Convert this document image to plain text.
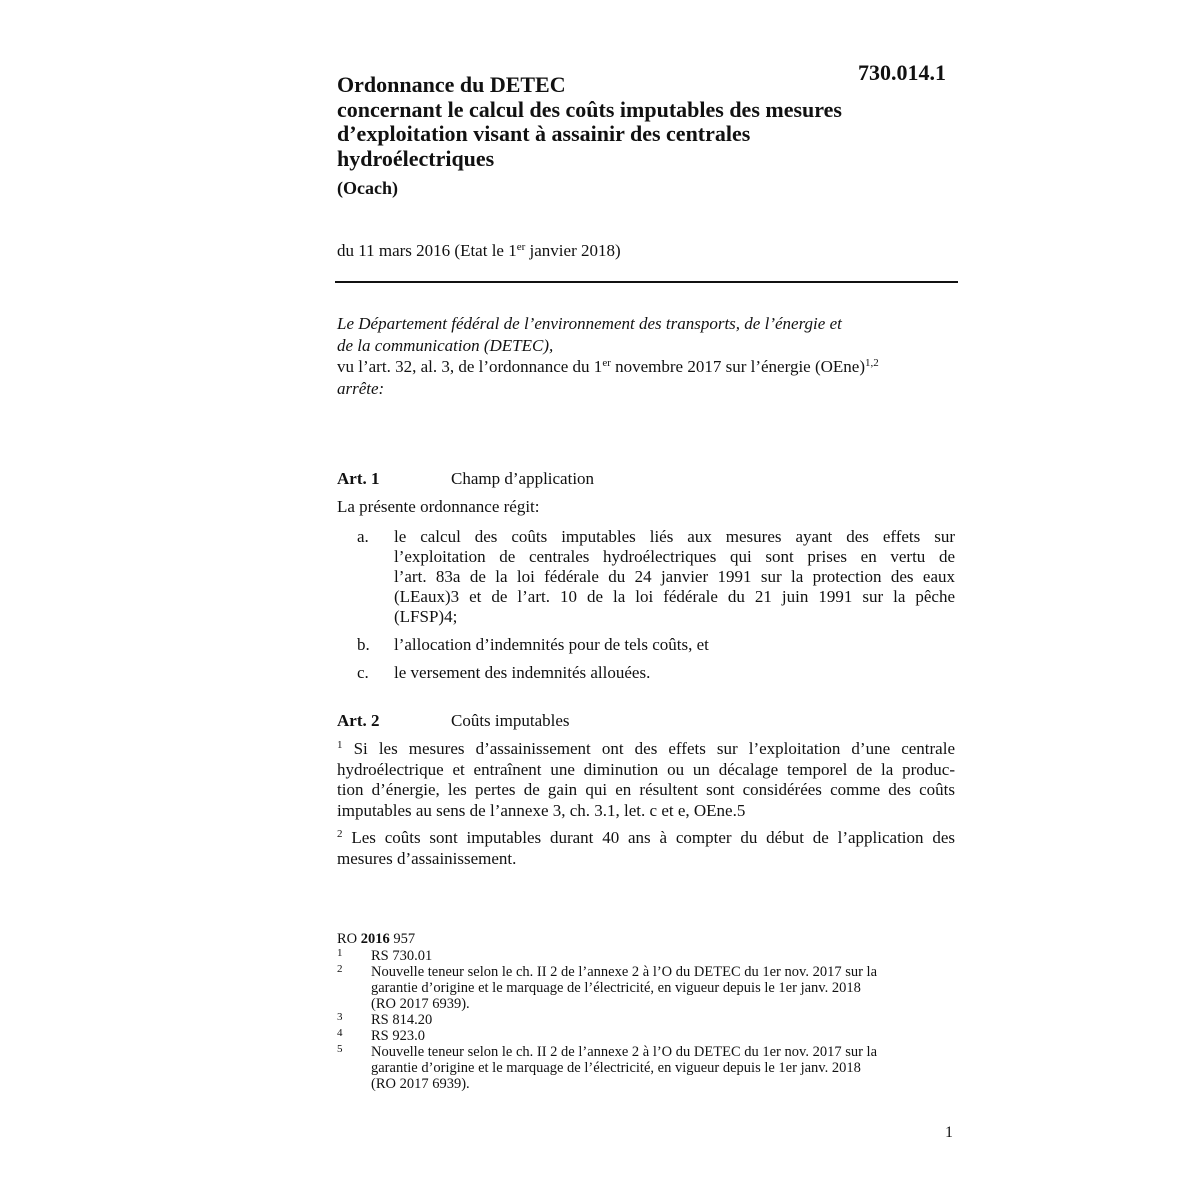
730.014.1
Ordonnance du DETEC
concernant le calcul des coûts imputables des mesures
d’exploitation visant à assainir des centrales
hydroélectriques
(Ocach)
du 11 mars 2016 (Etat le 1er janvier 2018)
Le Département fédéral de l’environnement des transports, de l’énergie et
de la communication (DETEC),
vu l’art. 32, al. 3, de l’ordonnance du 1er novembre 2017 sur l’énergie (OEne)$^{1,2}$
arrête:
Art. 1	Champ d’application
La présente ordonnance régit:
a. le calcul des coûts imputables liés aux mesures ayant des effets sur
l’exploitation de centrales hydroélectriques qui sont prises en vertu de
l’art. 83a de la loi fédérale du 24 janvier 1991 sur la protection des eaux
(LEaux)3 et de l’art. 10 de la loi fédérale du 21 juin 1991 sur la pêche
(LFSP)4;
b. l’allocation d’indemnités pour de tels coûts, et
c. le versement des indemnités allouées.
Art. 2	Coûts imputables
$^1$ Si les mesures d’assainissement ont des effets sur l’exploitation d’une centrale
hydroélectrique et entraînent une diminution ou un décalage temporel de la produc-
tion d’énergie, les pertes de gain qui en résultent sont considérées comme des coûts
imputables au sens de l’annexe 3, ch. 3.1, let. c et e, OEne.5
$^2$ Les coûts sont imputables durant 40 ans à compter du début de l’application des
mesures d’assainissement.
RO 2016 957
1 RS 730.01
2 Nouvelle teneur selon le ch. II 2 de l’annexe 2 à l’O du DETEC du 1er nov. 2017 sur la
garantie d’origine et le marquage de l’électricité, en vigueur depuis le 1er janv. 2018
(RO 2017 6939).
3 RS 814.20
4 RS 923.0
5 Nouvelle teneur selon le ch. II 2 de l’annexe 2 à l’O du DETEC du 1er nov. 2017 sur la
garantie d’origine et le marquage de l’électricité, en vigueur depuis le 1er janv. 2018
(RO 2017 6939).
1
